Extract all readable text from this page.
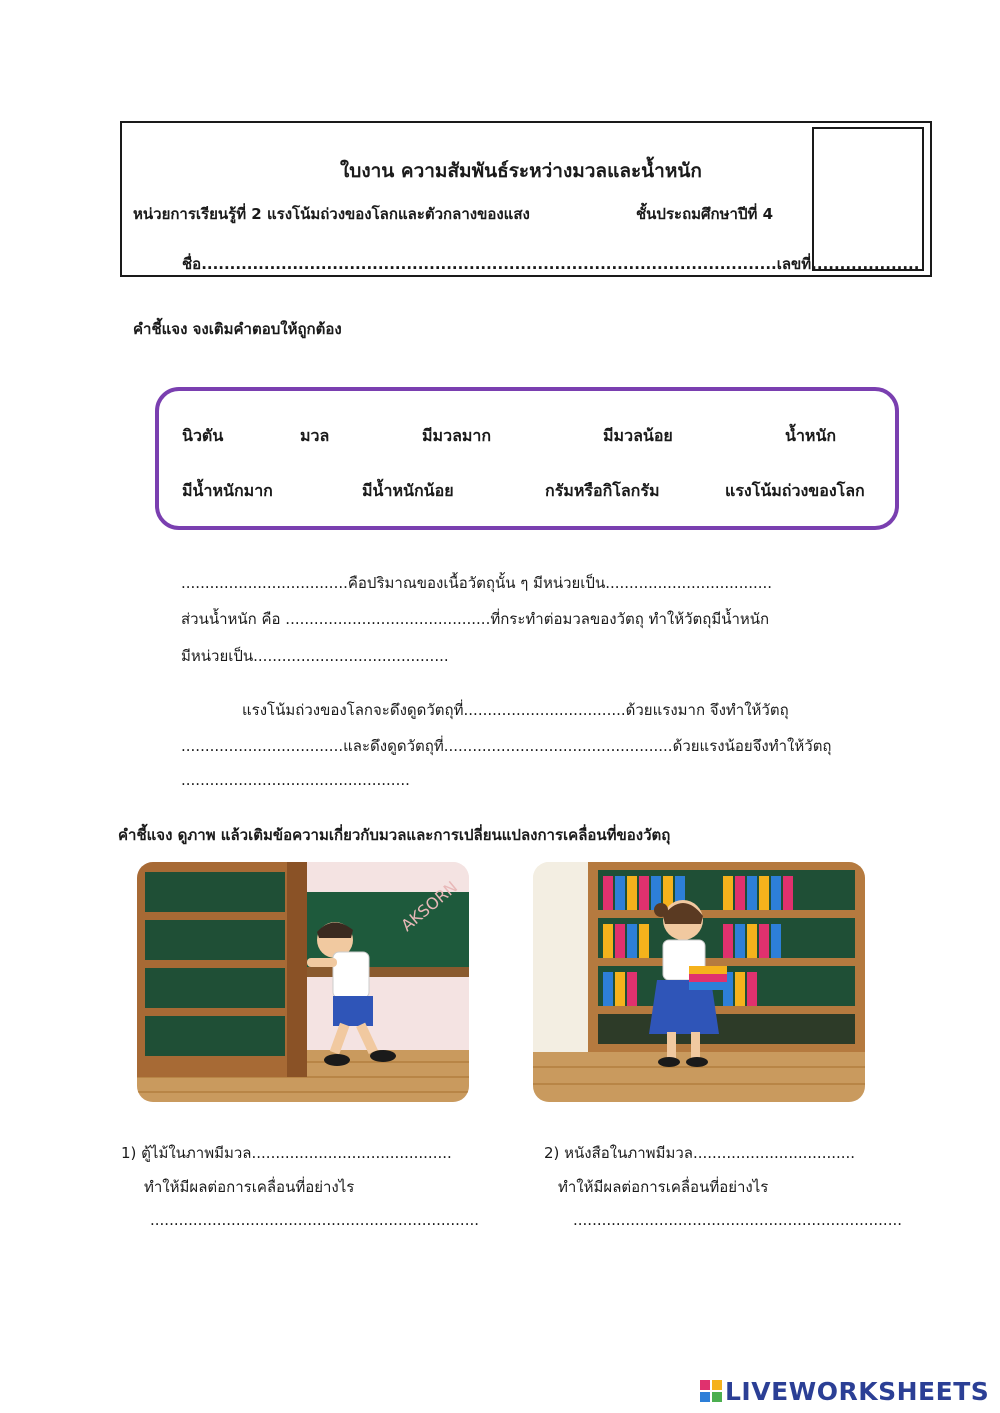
ใบงาน ความสัมพันธ์ระหว่างมวลและน้ำหนัก
หน่วยการเรียนรู้ที่ 2 แรงโน้มถ่วงของโลกและตัวกลางของแสง	ชั้นประถมศึกษาปีที่ 4
ชื่อ.....................................................................................................เลขที่...................
คำชี้แจง จงเติมคำตอบให้ถูกต้อง
นิวตัน	มวล	มีมวลมาก	มีมวลน้อย	น้ำหนัก
มีน้ำหนักมาก	มีน้ำหนักน้อย	กรัมหรือกิโลกรัม	แรงโน้มถ่วงของโลก
...................................คือปริมาณของเนื้อวัตถุนั้น ๆ มีหน่วยเป็น...................................
ส่วนน้ำหนัก คือ ...........................................ที่กระทำต่อมวลของวัตถุ ทำให้วัตถุมีน้ำหนัก
มีหน่วยเป็น.........................................
แรงโน้มถ่วงของโลกจะดึงดูดวัตถุที่..................................ด้วยแรงมาก จึงทำให้วัตถุ
..................................และดึงดูดวัตถุที่................................................ด้วยแรงน้อยจึงทำให้วัตถุ
................................................
คำชี้แจง ดูภาพ แล้วเติมข้อความเกี่ยวกับมวลและการเปลี่ยนแปลงการเคลื่อนที่ของวัตถุ
AKSORN
1) ตู้ไม้ในภาพมีมวล..........................................
ทำให้มีผลต่อการเคลื่อนที่อย่างไร
.....................................................................
2) หนังสือในภาพมีมวล..................................
ทำให้มีผลต่อการเคลื่อนที่อย่างไร
.....................................................................
LIVEWORKSHEETS
